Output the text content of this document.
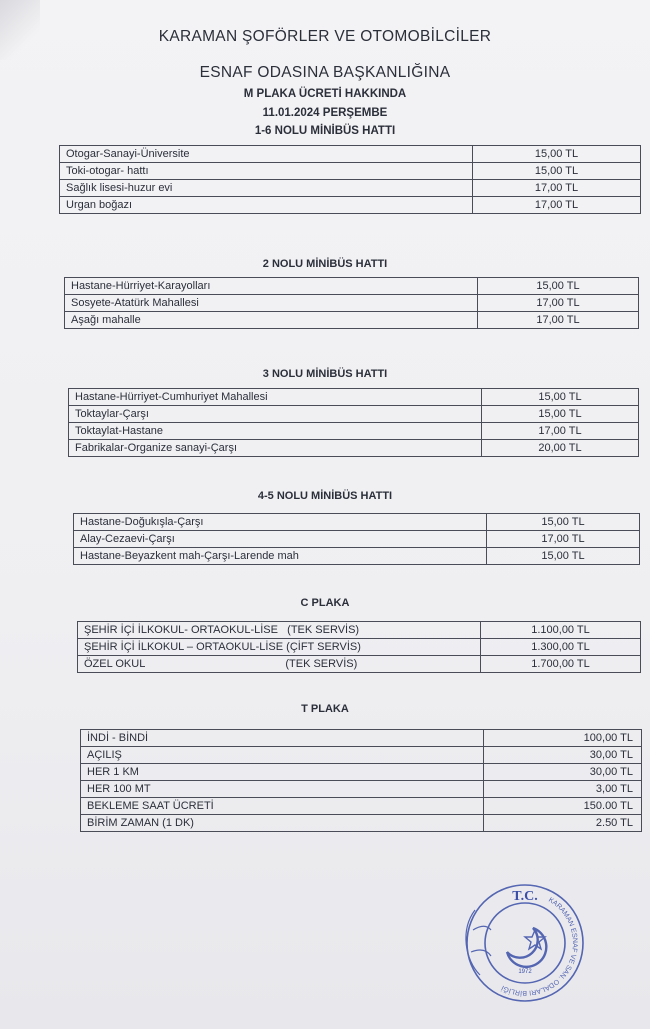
KARAMAN ŞOFÖRLER VE OTOMOBİLCİLER
ESNAF ODASINA BAŞKANLIĞINA
M PLAKA ÜCRETİ HAKKINDA
11.01.2024 PERŞEMBE
1-6 NOLU MİNİBÜS HATTI
Otogar-Sanayi-Üniversite	15,00 TL
Toki-otogar- hattı	15,00 TL
Sağlık lisesi-huzur evi	17,00 TL
Urgan boğazı	17,00 TL
2 NOLU MİNİBÜS HATTI
Hastane-Hürriyet-Karayolları	15,00 TL
Sosyete-Atatürk Mahallesi	17,00 TL
Aşağı mahalle	17,00 TL
3 NOLU MİNİBÜS HATTI
Hastane-Hürriyet-Cumhuriyet Mahallesi	15,00 TL
Toktaylar-Çarşı	15,00 TL
Toktaylat-Hastane	17,00 TL
Fabrikalar-Organize sanayi-Çarşı	20,00 TL
4-5 NOLU MİNİBÜS HATTI
Hastane-Doğukışla-Çarşı	15,00 TL
Alay-Cezaevi-Çarşı	17,00 TL
Hastane-Beyazkent mah-Çarşı-Larende mah	15,00 TL
C PLAKA
ŞEHİR İÇİ İLKOKUL- ORTAOKUL-LİSE (TEK SERVİS)	1.100,00 TL
ŞEHİR İÇİ İLKOKUL – ORTAOKUL-LİSE (ÇİFT SERVİS)	1.300,00 TL
ÖZEL OKUL (TEK SERVİS)	1.700,00 TL
T PLAKA
İNDİ - BİNDİ	100,00 TL
AÇILIŞ	30,00 TL
HER 1 KM	30,00 TL
HER 100 MT	3,00 TL
BEKLEME SAAT ÜCRETİ	150.00 TL
BİRİM ZAMAN (1 DK)	2.50 TL
T.C.
1972
KARAMAN ESNAF VE SAN. ODALARI BİRLİĞİ
